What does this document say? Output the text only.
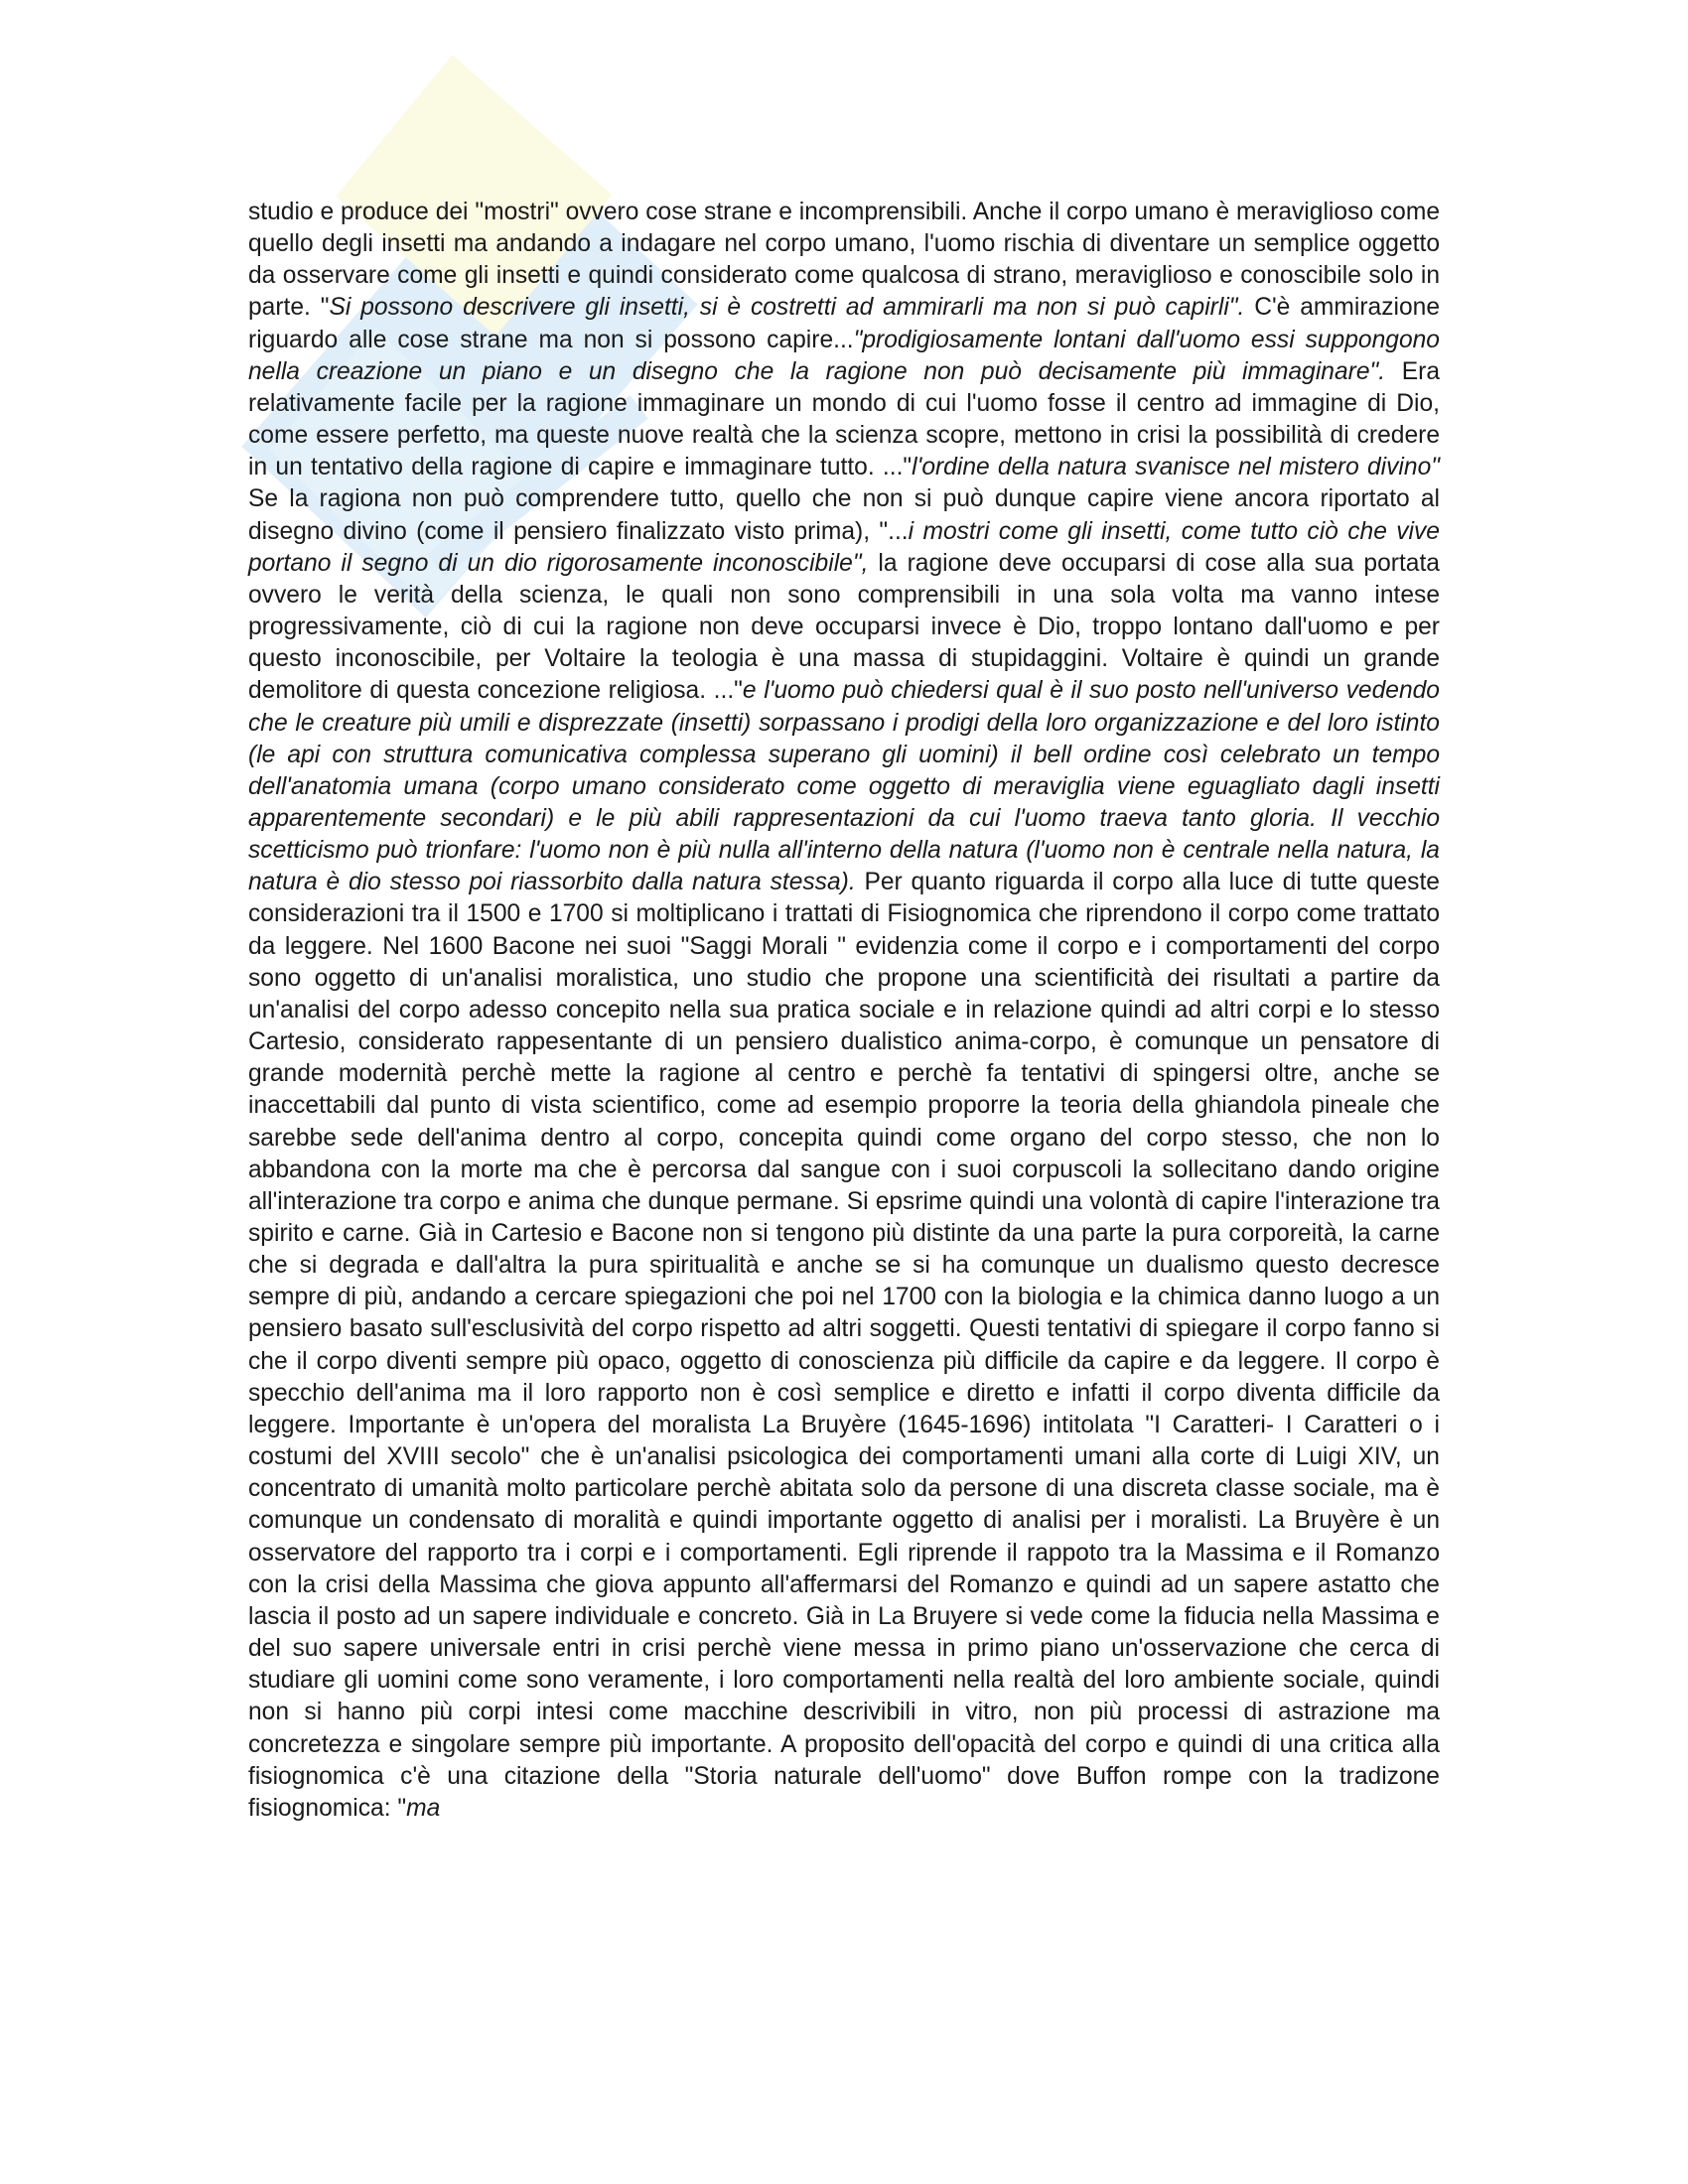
studio e produce dei "mostri" ovvero cose strane e incomprensibili. Anche il corpo umano è meraviglioso come quello degli insetti ma andando a indagare nel corpo umano, l'uomo rischia di diventare un semplice oggetto da osservare come gli insetti e quindi considerato come qualcosa di strano, meraviglioso e conoscibile solo in parte. "Si possono descrivere gli insetti, si è costretti ad ammirarli ma non si può capirli". C'è ammirazione riguardo alle cose strane ma non si possono capire..."prodigiosamente lontani dall'uomo essi suppongono nella creazione un piano e un disegno che la ragione non può decisamente più immaginare". Era relativamente facile per la ragione immaginare un mondo di cui l'uomo fosse il centro ad immagine di Dio, come essere perfetto, ma queste nuove realtà che la scienza scopre, mettono in crisi la possibilità di credere in un tentativo della ragione di capire e immaginare tutto. ..."l'ordine della natura svanisce nel mistero divino" Se la ragiona non può comprendere tutto, quello che non si può dunque capire viene ancora riportato al disegno divino (come il pensiero finalizzato visto prima), "...i mostri come gli insetti, come tutto ciò che vive portano il segno di un dio rigorosamente inconoscibile", la ragione deve occuparsi di cose alla sua portata ovvero le verità della scienza, le quali non sono comprensibili in una sola volta ma vanno intese progressivamente, ciò di cui la ragione non deve occuparsi invece è Dio, troppo lontano dall'uomo e per questo inconoscibile, per Voltaire la teologia è una massa di stupidaggini. Voltaire è quindi un grande demolitore di questa concezione religiosa. ..."e l'uomo può chiedersi qual è il suo posto nell'universo vedendo che le creature più umili e disprezzate (insetti) sorpassano i prodigi della loro organizzazione e del loro istinto (le api con struttura comunicativa complessa superano gli uomini) il bell ordine così celebrato un tempo dell'anatomia umana (corpo umano considerato come oggetto di meraviglia viene eguagliato dagli insetti apparentemente secondari) e le più abili rappresentazioni da cui l'uomo traeva tanto gloria. Il vecchio scetticismo può trionfare: l'uomo non è più nulla all'interno della natura (l'uomo non è centrale nella natura, la natura è dio stesso poi riassorbito dalla natura stessa). Per quanto riguarda il corpo alla luce di tutte queste considerazioni tra il 1500 e 1700 si moltiplicano i trattati di Fisiognomica che riprendono il corpo come trattato da leggere. Nel 1600 Bacone nei suoi "Saggi Morali " evidenzia come il corpo e i comportamenti del corpo sono oggetto di un'analisi moralistica, uno studio che propone una scientificità dei risultati a partire da un'analisi del corpo adesso concepito nella sua pratica sociale e in relazione quindi ad altri corpi e lo stesso Cartesio, considerato rappesentante di un pensiero dualistico anima-corpo, è comunque un pensatore di grande modernità perchè mette la ragione al centro e perchè fa tentativi di spingersi oltre, anche se inaccettabili dal punto di vista scientifico, come ad esempio proporre la teoria della ghiandola pineale che sarebbe sede dell'anima dentro al corpo, concepita quindi come organo del corpo stesso, che non lo abbandona con la morte ma che è percorsa dal sangue con i suoi corpuscoli la sollecitano dando origine all'interazione tra corpo e anima che dunque permane. Si epsrime quindi una volontà di capire l'interazione tra spirito e carne. Già in Cartesio e Bacone non si tengono più distinte da una parte la pura corporeità, la carne che si degrada e dall'altra la pura spiritualità e anche se si ha comunque un dualismo questo decresce sempre di più, andando a cercare spiegazioni che poi nel 1700 con la biologia e la chimica danno luogo a un pensiero basato sull'esclusività del corpo rispetto ad altri soggetti. Questi tentativi di spiegare il corpo fanno si che il corpo diventi sempre più opaco, oggetto di conoscienza più difficile da capire e da leggere. Il corpo è specchio dell'anima ma il loro rapporto non è così semplice e diretto e infatti il corpo diventa difficile da leggere. Importante è un'opera del moralista La Bruyère (1645-1696) intitolata "I Caratteri- I Caratteri o i costumi del XVIII secolo" che è un'analisi psicologica dei comportamenti umani alla corte di Luigi XIV, un concentrato di umanità molto particolare perchè abitata solo da persone di una discreta classe sociale, ma è comunque un condensato di moralità e quindi importante oggetto di analisi per i moralisti. La Bruyère è un osservatore del rapporto tra i corpi e i comportamenti. Egli riprende il rappoto tra la Massima e il Romanzo con la crisi della Massima che giova appunto all'affermarsi del Romanzo e quindi ad un sapere astatto che lascia il posto ad un sapere individuale e concreto. Già in La Bruyere si vede come la fiducia nella Massima e del suo sapere universale entri in crisi perchè viene messa in primo piano un'osservazione che cerca di studiare gli uomini come sono veramente, i loro comportamenti nella realtà del loro ambiente sociale, quindi non si hanno più corpi intesi come macchine descrivibili in vitro, non più processi di astrazione ma concretezza e singolare sempre più importante. A proposito dell'opacità del corpo e quindi di una critica alla fisiognomica c'è una citazione della "Storia naturale dell'uomo" dove Buffon rompe con la tradizone fisiognomica: "ma
